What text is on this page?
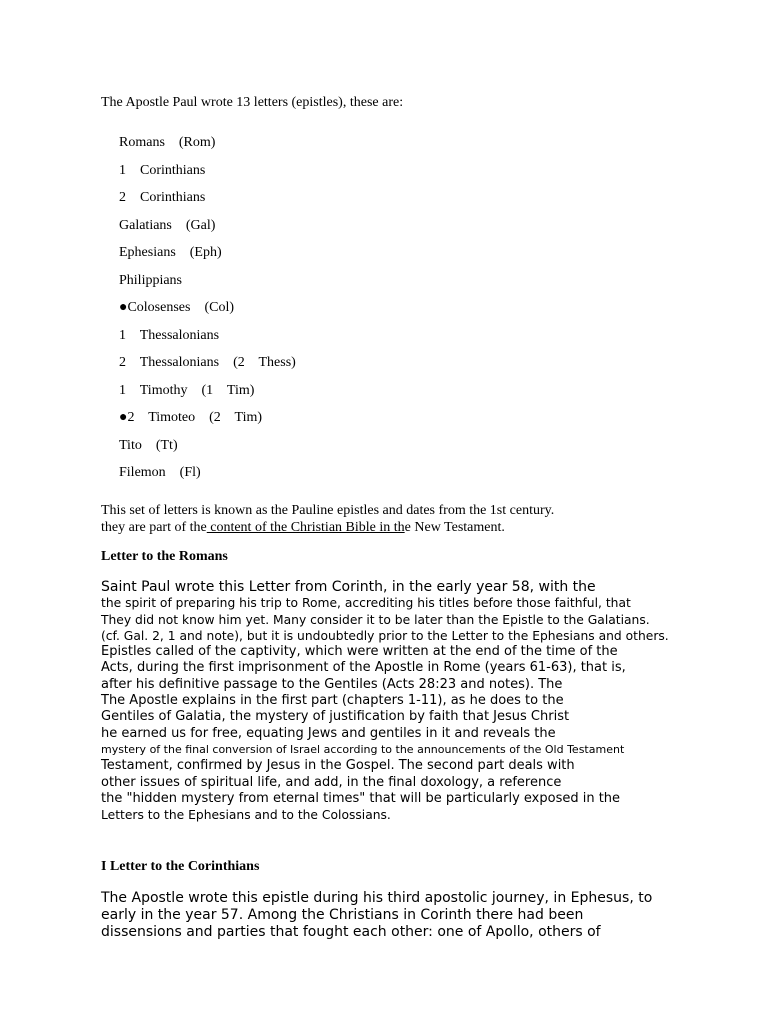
The Apostle Paul wrote 13 letters (epistles), these are:
Romans    (Rom)
1    Corinthians
2    Corinthians
Galatians    (Gal)
Ephesians    (Eph)
Philippians
●Colosenses    (Col)
1    Thessalonians
2    Thessalonians    (2    Thess)
1    Timothy    (1    Tim)
●2    Timoteo    (2    Tim)
Tito    (Tt)
Filemon    (Fl)
This set of letters is known as the Pauline epistles and dates from the 1st century.
they are part of the content of the Christian Bible in the New Testament.
Letter to the Romans
Saint Paul wrote this Letter from Corinth, in the early year 58, with the
the spirit of preparing his trip to Rome, accrediting his titles before those faithful, that
They did not know him yet. Many consider it to be later than the Epistle to the Galatians.
(cf. Gal. 2, 1 and note), but it is undoubtedly prior to the Letter to the Ephesians and others.
Epistles called of the captivity, which were written at the end of the time of the
Acts, during the first imprisonment of the Apostle in Rome (years 61-63), that is,
after his definitive passage to the Gentiles (Acts 28:23 and notes). The
The Apostle explains in the first part (chapters 1-11), as he does to the
Gentiles of Galatia, the mystery of justification by faith that Jesus Christ
he earned us for free, equating Jews and gentiles in it and reveals the
mystery of the final conversion of Israel according to the announcements of the Old Testament
Testament, confirmed by Jesus in the Gospel. The second part deals with
other issues of spiritual life, and add, in the final doxology, a reference
the "hidden mystery from eternal times" that will be particularly exposed in the
Letters to the Ephesians and to the Colossians.
I Letter to the Corinthians
The Apostle wrote this epistle during his third apostolic journey, in Ephesus, to
early in the year 57. Among the Christians in Corinth there had been
dissensions and parties that fought each other: one of Apollo, others of
